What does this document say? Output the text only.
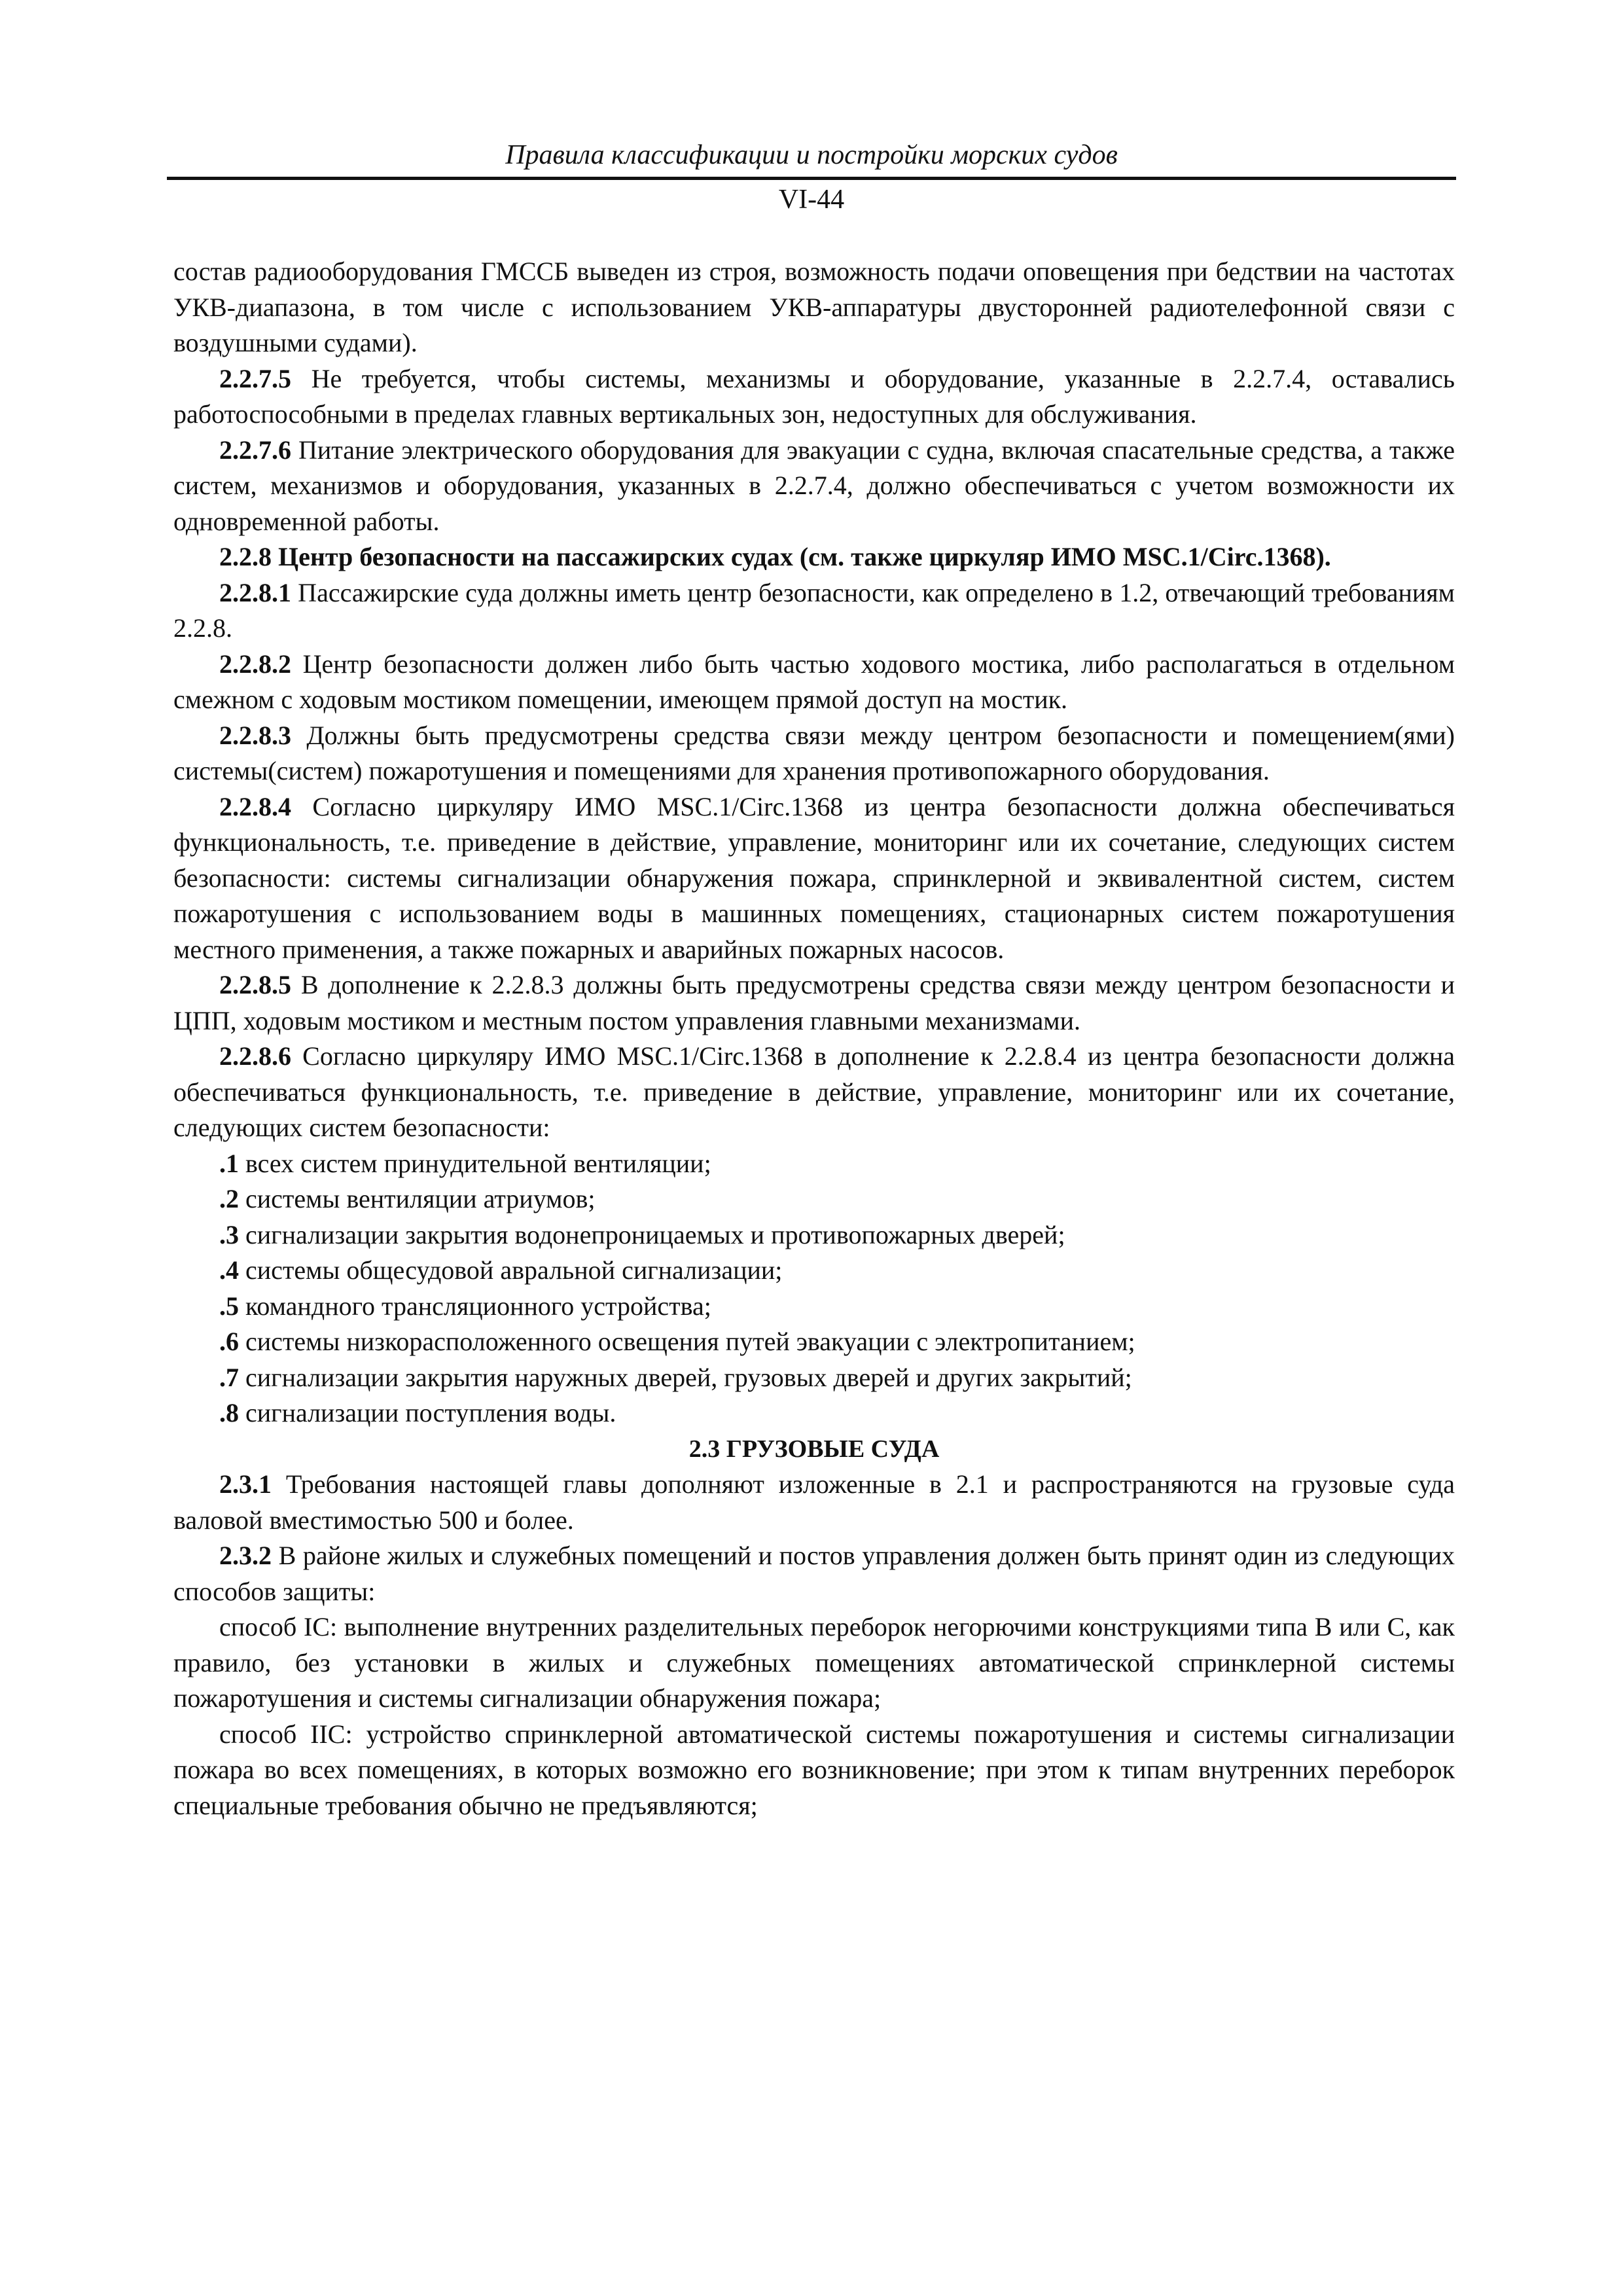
Правила классификации и постройки морских судов
VI-44

состав радиооборудования ГМССБ выведен из строя, возможность подачи оповещения при бедствии на частотах УКВ-диапазона, в том числе с использованием УКВ-аппаратуры двусторонней радиотелефонной связи с воздушными судами).

2.2.7.5 Не требуется, чтобы системы, механизмы и оборудование, указанные в 2.2.7.4, оставались работоспособными в пределах главных вертикальных зон, недоступных для обслуживания.

2.2.7.6 Питание электрического оборудования для эвакуации с судна, включая спасательные средства, а также систем, механизмов и оборудования, указанных в 2.2.7.4, должно обеспечиваться с учетом возможности их одновременной работы.

2.2.8 Центр безопасности на пассажирских судах (см. также циркуляр ИМО MSC.1/Circ.1368).

2.2.8.1 Пассажирские суда должны иметь центр безопасности, как определено в 1.2, отвечающий требованиям 2.2.8.

2.2.8.2 Центр безопасности должен либо быть частью ходового мостика, либо располагаться в отдельном смежном с ходовым мостиком помещении, имеющем прямой доступ на мостик.

2.2.8.3 Должны быть предусмотрены средства связи между центром безопасности и помещением(ями) системы(систем) пожаротушения и помещениями для хранения противопожарного оборудования.

2.2.8.4 Согласно циркуляру ИМО MSC.1/Circ.1368 из центра безопасности должна обеспечиваться функциональность, т.е. приведение в действие, управление, мониторинг или их сочетание, следующих систем безопасности: системы сигнализации обнаружения пожара, спринклерной и эквивалентной систем, систем пожаротушения с использованием воды в машинных помещениях, стационарных систем пожаротушения местного применения, а также пожарных и аварийных пожарных насосов.

2.2.8.5 В дополнение к 2.2.8.3 должны быть предусмотрены средства связи между центром безопасности и ЦПП, ходовым мостиком и местным постом управления главными механизмами.

2.2.8.6 Согласно циркуляру ИМО MSC.1/Circ.1368 в дополнение к 2.2.8.4 из центра безопасности должна обеспечиваться функциональность, т.е. приведение в действие, управление, мониторинг или их сочетание, следующих систем безопасности:

.1 всех систем принудительной вентиляции;

.2 системы вентиляции атриумов;

.3 сигнализации закрытия водонепроницаемых и противопожарных дверей;

.4 системы общесудовой авральной сигнализации;

.5 командного трансляционного устройства;

.6 системы низкорасположенного освещения путей эвакуации с электропитанием;

.7 сигнализации закрытия наружных дверей, грузовых дверей и других закрытий;

.8 сигнализации поступления воды.

2.3 ГРУЗОВЫЕ СУДА

2.3.1 Требования настоящей главы дополняют изложенные в 2.1 и распространяются на грузовые суда валовой вместимостью 500 и более.

2.3.2 В районе жилых и служебных помещений и постов управления должен быть принят один из следующих способов защиты:

способ IC: выполнение внутренних разделительных переборок негорючими конструкциями типа В или С, как правило, без установки в жилых и служебных помещениях автоматической спринклерной системы пожаротушения и системы сигнализации обнаружения пожара;

способ IIC: устройство спринклерной автоматической системы пожаротушения и системы сигнализации пожара во всех помещениях, в которых возможно его возникновение; при этом к типам внутренних переборок специальные требования обычно не предъявляются;
